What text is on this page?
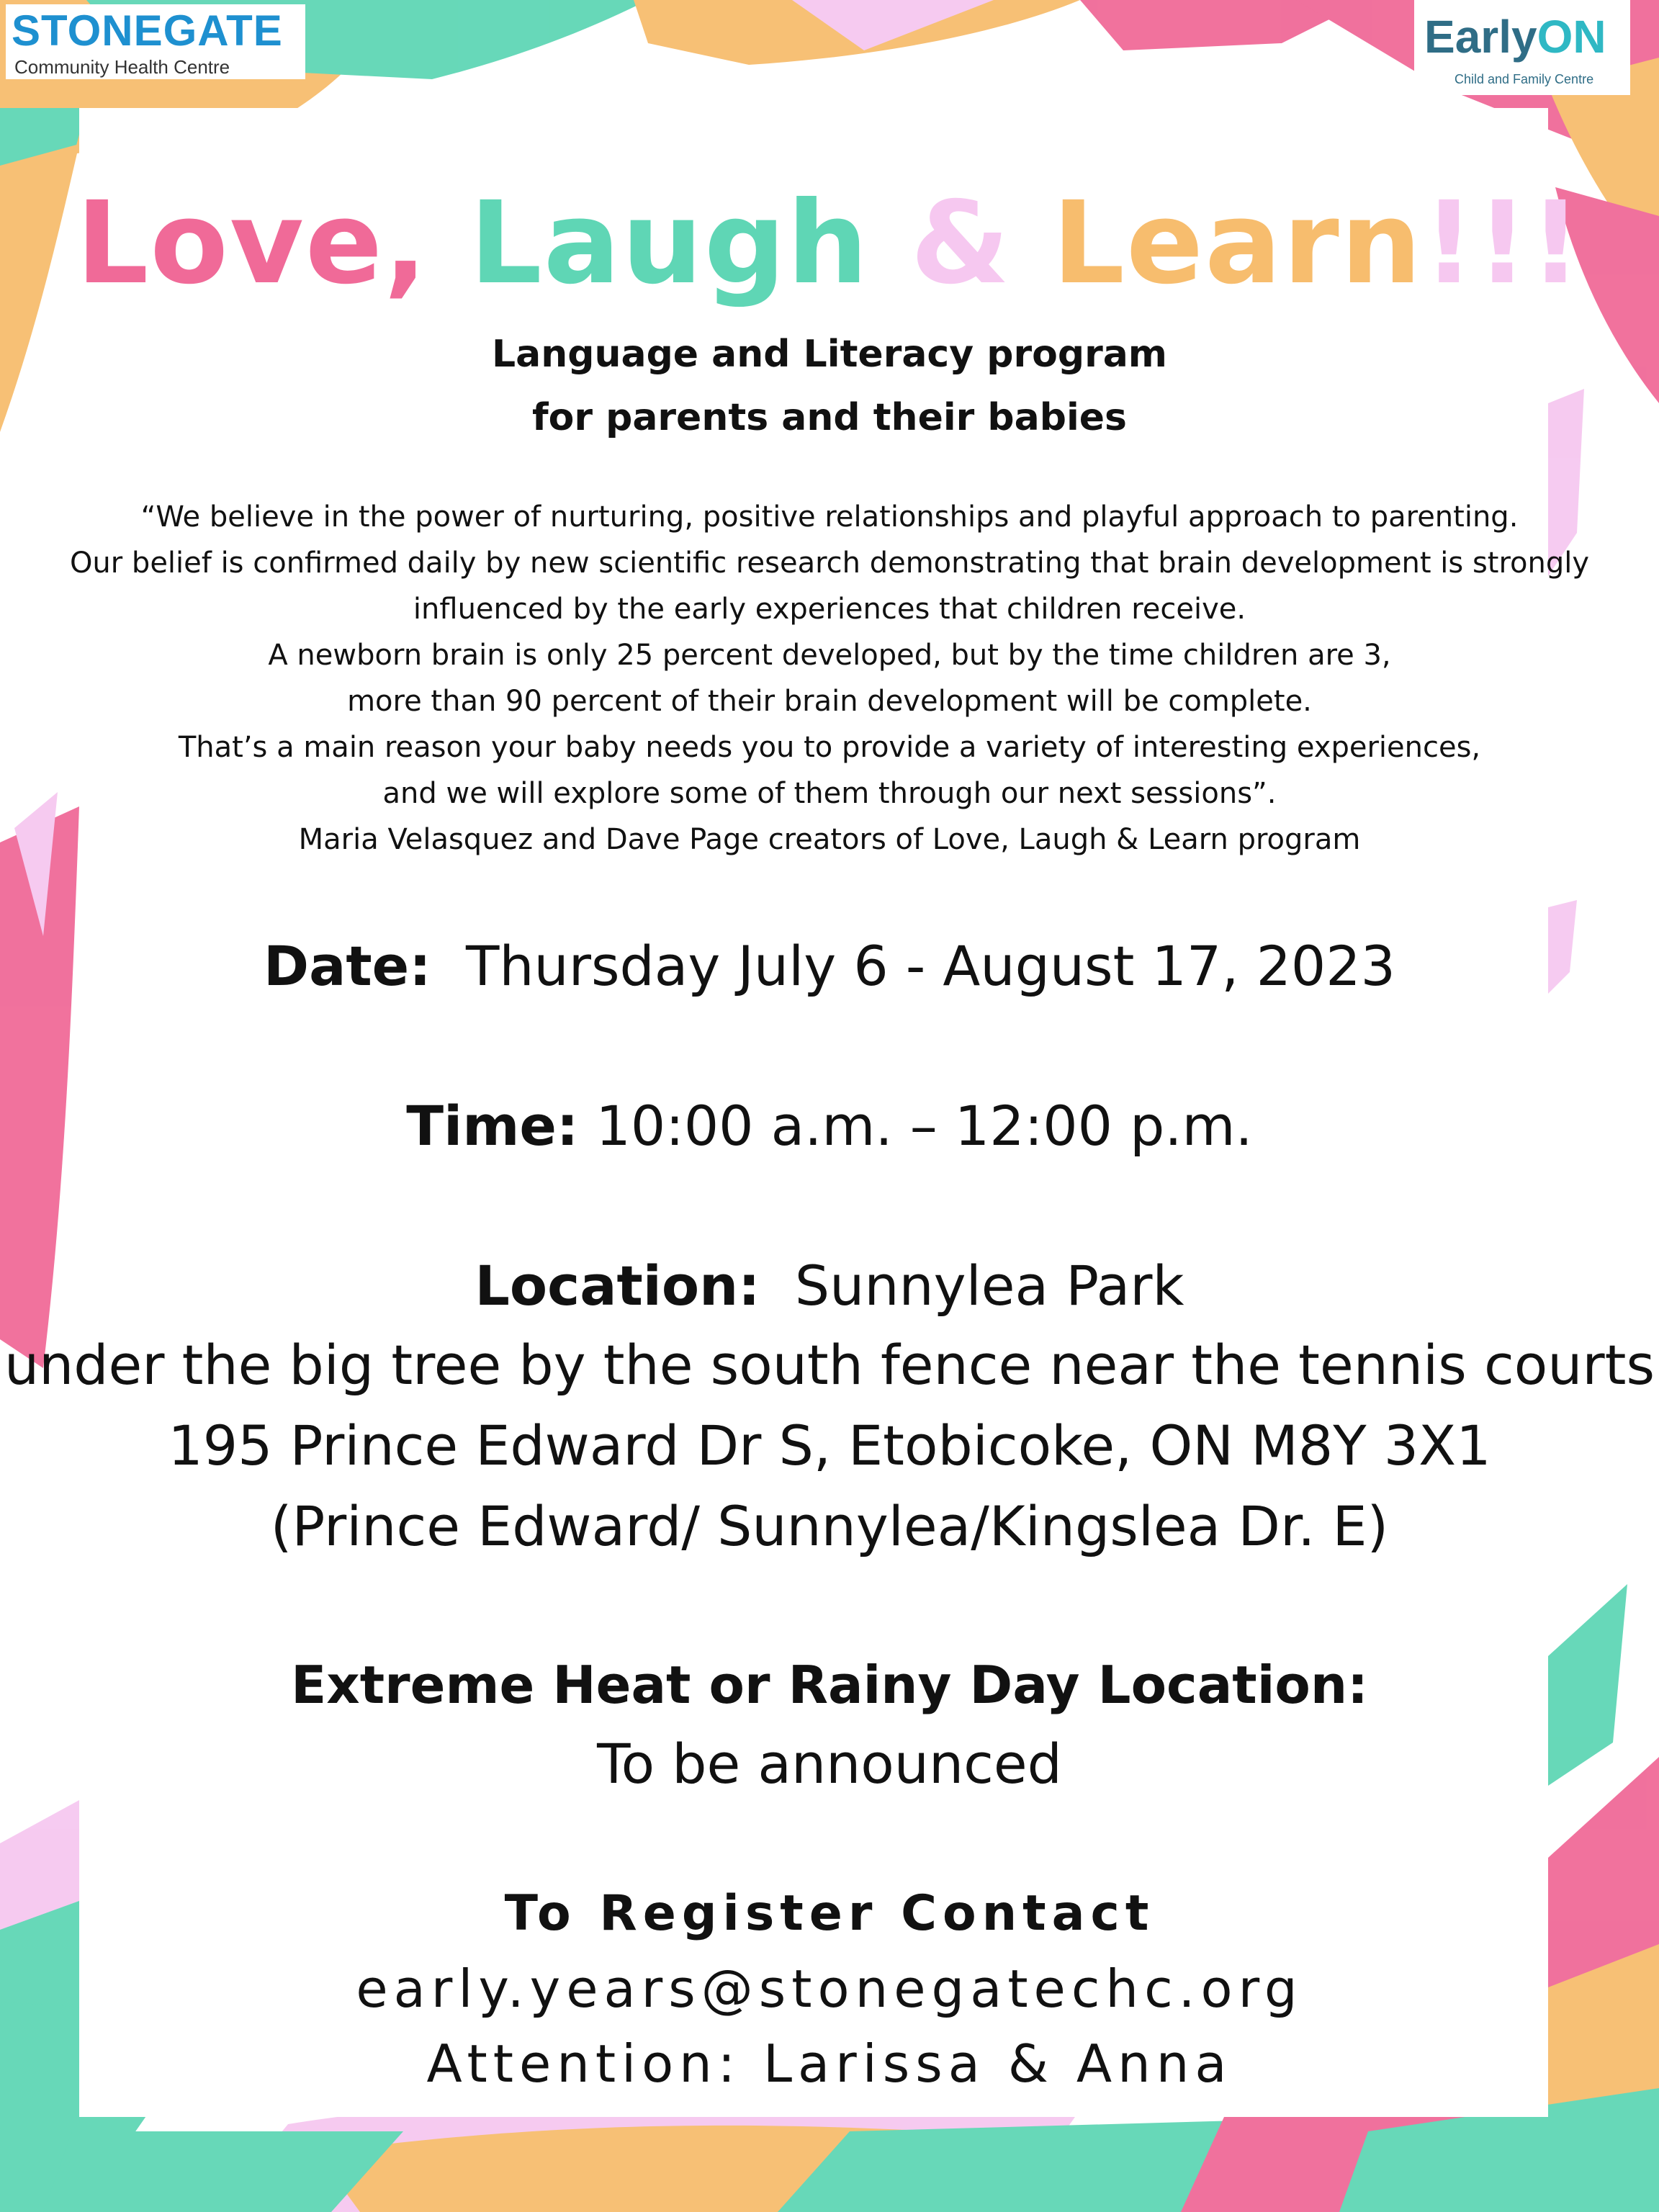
STONEGATE
Community Health Centre
EarlyON
Child and Family Centre
Love, Laugh & Learn!!!
Language and Literacy program
for parents and their babies
“We believe in the power of nurturing, positive relationships and playful approach to parenting.
Our belief is confirmed daily by new scientific research demonstrating that brain development is strongly
influenced by the early experiences that children receive.
A newborn brain is only 25 percent developed, but by the time children are 3,
more than 90 percent of their brain development will be complete.
That’s a main reason your baby needs you to provide a variety of interesting experiences,
and we will explore some of them through our next sessions”.
Maria Velasquez and Dave Page creators of Love, Laugh & Learn program
Date: Thursday July 6 - August 17, 2023
Time: 10:00 a.m. – 12:00 p.m.
Location: Sunnylea Park
under the big tree by the south fence near the tennis courts
195 Prince Edward Dr S, Etobicoke, ON M8Y 3X1
(Prince Edward/ Sunnylea/Kingslea Dr. E)
Extreme Heat or Rainy Day Location:
To be announced
To Register Contact
early.years@stonegatechc.org
Attention: Larissa & Anna
